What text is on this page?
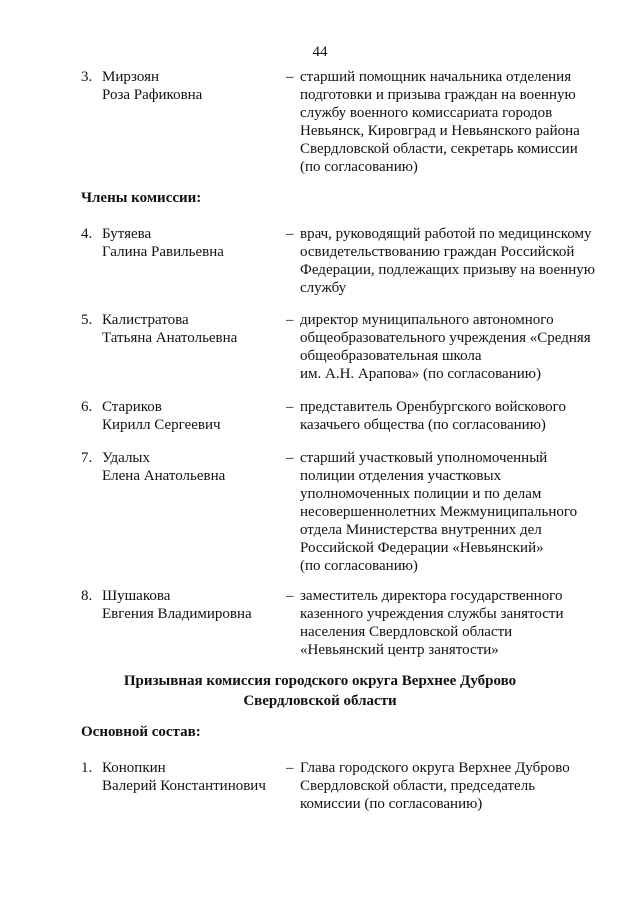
44
3. Мирзоян
Роза Рафиковна
– старший помощник начальника отделения
подготовки и призыва граждан на военную
службу военного комиссариата городов
Невьянск, Кировград и Невьянского района
Свердловской области, секретарь комиссии
(по согласованию)
Члены комиссии:
4. Бутяева
Галина Равильевна
– врач, руководящий работой по медицинскому
освидетельствованию граждан Российской
Федерации, подлежащих призыву на военную
службу
5. Калистратова
Татьяна Анатольевна
– директор муниципального автономного
общеобразовательного учреждения «Средняя
общеобразовательная школа
им. А.Н. Арапова» (по согласованию)
6. Стариков
Кирилл Сергеевич
– представитель Оренбургского войскового
казачьего общества (по согласованию)
7. Удалых
Елена Анатольевна
– старший участковый уполномоченный
полиции отделения участковых
уполномоченных полиции и по делам
несовершеннолетних Межмуниципального
отдела Министерства внутренних дел
Российской Федерации «Невьянский»
(по согласованию)
8. Шушакова
Евгения Владимировна
– заместитель директора государственного
казенного учреждения службы занятости
населения Свердловской области
«Невьянский центр занятости»
Призывная комиссия городского округа Верхнее Дуброво
Свердловской области
Основной состав:
1. Конопкин
Валерий Константинович
– Глава городского округа Верхнее Дуброво
Свердловской области, председатель
комиссии (по согласованию)
